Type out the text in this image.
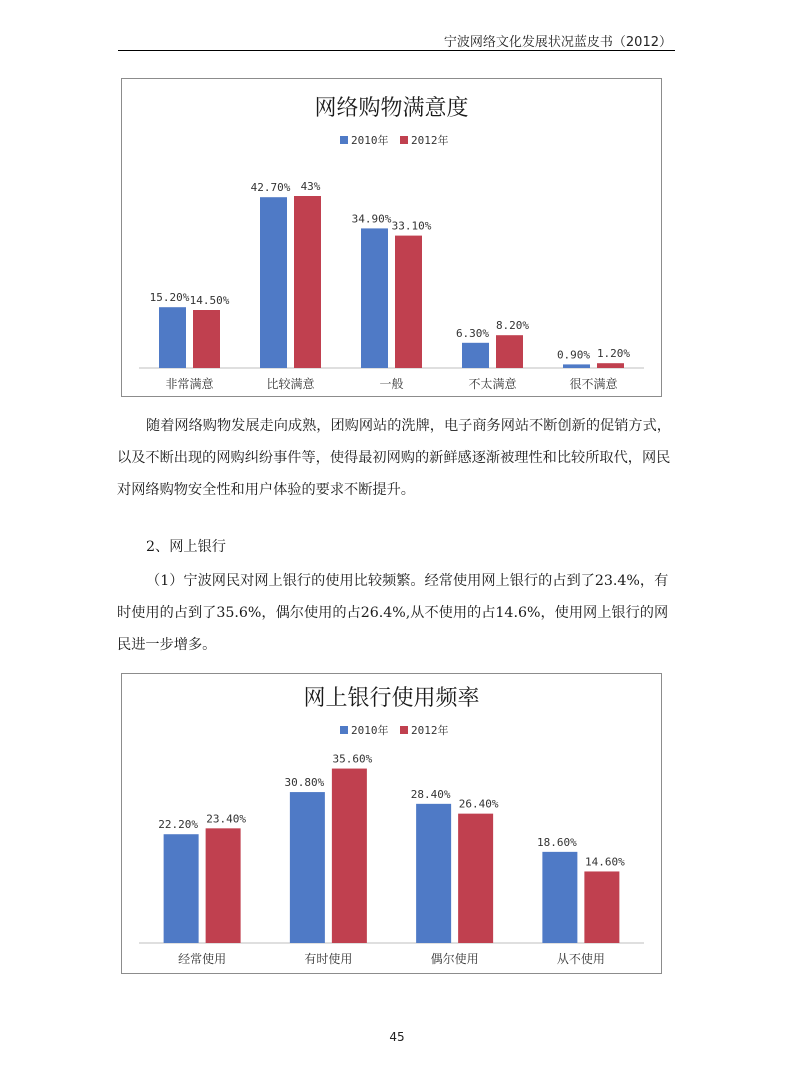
宁波网络文化发展状况蓝皮书（2012）
网络购物满意度
2010年 2012年
非常满意
15.20% 14.50%
比较满意
42.70% 43%
一般
34.90%
33.10%
不太满意
6.30%
8.20%
很不满意
0.90% 1.20%

随着网络购物发展走向成熟，团购网站的洗牌，电子商务网站不断创新的促销方式，以及不断出现的网购纠纷事件等，使得最初网购的新鲜感逐渐被理性和比较所取代，网民对网络购物安全性和用户体验的要求不断提升。

2、网上银行

（1）宁波网民对网上银行的使用比较频繁。经常使用网上银行的占到了23.4%，有时使用的占到了35.6%，偶尔使用的占26.4%,从不使用的占14.6%，使用网上银行的网民进一步增多。

网上银行使用频率
2010年 2012年
经常使用
22.20% 23.40%
有时使用
30.80%
35.60%
偶尔使用
28.40%
26.40%
从不使用
18.60%
14.60%
45
